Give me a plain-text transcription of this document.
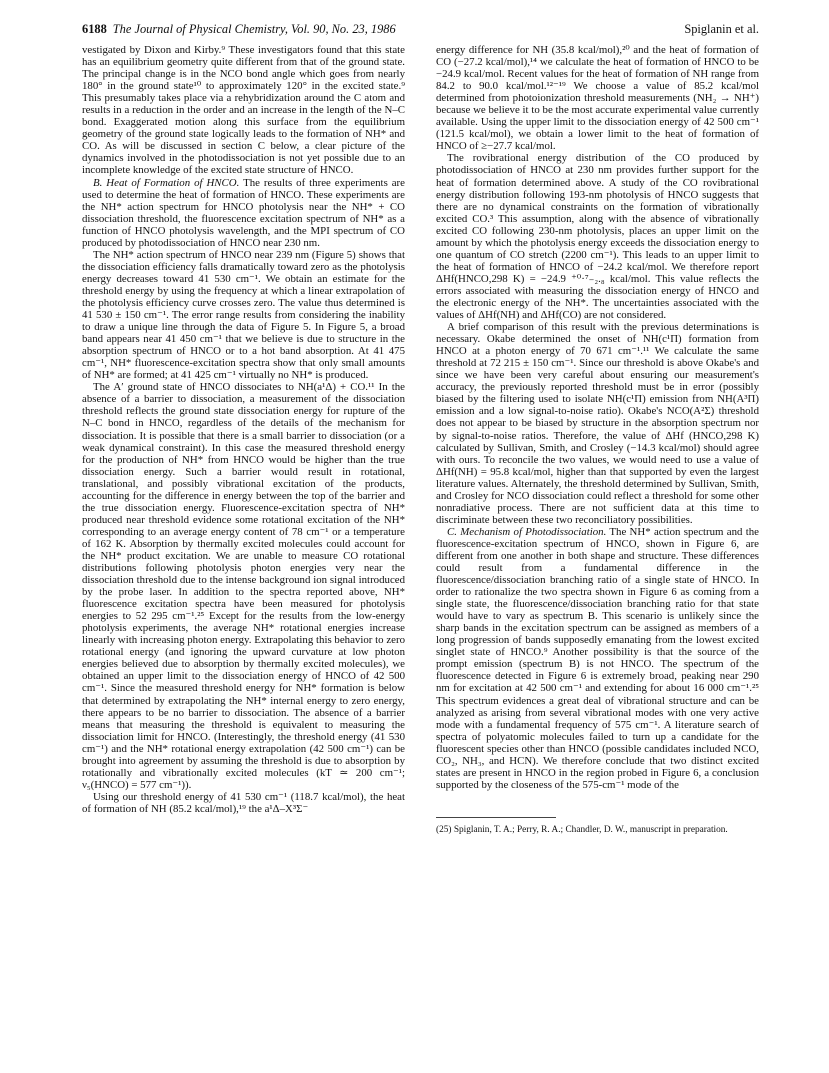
6188 The Journal of Physical Chemistry, Vol. 90, No. 23, 1986	Spiglanin et al.

vestigated by Dixon and Kirby.⁹ These investigators found that this state has an equilibrium geometry quite different from that of the ground state. The principal change is in the NCO bond angle which goes from nearly 180° in the ground state¹⁰ to approximately 120° in the excited state.⁹ This presumably takes place via a rehybridization around the C atom and results in a reduction in the order and an increase in the length of the N–C bond. Exaggerated motion along this surface from the equilibrium geometry of the ground state logically leads to the formation of NH* and CO. As will be discussed in section C below, a clear picture of the dynamics involved in the photodissociation is not yet possible due to an incomplete knowledge of the excited state structure of HNCO.

B. Heat of Formation of HNCO. The results of three experiments are used to determine the heat of formation of HNCO. These experiments are the NH* action spectrum for HNCO photolysis near the NH* + CO dissociation threshold, the fluorescence excitation spectrum of NH* as a function of HNCO photolysis wavelength, and the MPI spectrum of CO produced by photodissociation of HNCO near 230 nm.

The NH* action spectrum of HNCO near 239 nm (Figure 5) shows that the dissociation efficiency falls dramatically toward zero as the photolysis energy decreases toward 41 530 cm⁻¹. We obtain an estimate for the threshold energy by using the frequency at which a linear extrapolation of the photolysis efficiency curve crosses zero. The value thus determined is 41 530 ± 150 cm⁻¹. The error range results from considering the inability to draw a unique line through the data of Figure 5. In Figure 5, a broad band appears near 41 450 cm⁻¹ that we believe is due to structure in the absorption spectrum of HNCO or to a hot band absorption. At 41 475 cm⁻¹, NH* fluorescence-excitation spectra show that only small amounts of NH* are formed; at 41 425 cm⁻¹ virtually no NH* is produced.

The A′ ground state of HNCO dissociates to NH(a¹Δ) + CO.¹¹ In the absence of a barrier to dissociation, a measurement of the dissociation threshold reflects the ground state dissociation energy for rupture of the N–C bond in HNCO, regardless of the details of the mechanism for dissociation. It is possible that there is a small barrier to dissociation (or a weak dynamical constraint). In this case the measured threshold energy for the production of NH* from HNCO would be higher than the true dissociation energy. Such a barrier would result in rotational, translational, and possibly vibrational excitation of the products, accounting for the difference in energy between the top of the barrier and the true dissociation energy. Fluorescence-excitation spectra of NH* produced near threshold evidence some rotational excitation of the NH* corresponding to an average energy content of 78 cm⁻¹ or a temperature of 162 K. Absorption by thermally excited molecules could account for the NH* product excitation. We are unable to measure CO rotational distributions following photolysis photon energies very near the dissociation threshold due to the intense background ion signal introduced by the probe laser. In addition to the spectra reported above, NH* fluorescence excitation spectra have been measured for photolysis energies to 52 295 cm⁻¹.²⁵ Except for the results from the low-energy photolysis experiments, the average NH* rotational energies increase linearly with increasing photon energy. Extrapolating this behavior to zero rotational energy (and ignoring the upward curvature at low photon energies believed due to absorption by thermally excited molecules), we obtained an upper limit to the dissociation energy of HNCO of 42 500 cm⁻¹. Since the measured threshold energy for NH* formation is below that determined by extrapolating the NH* internal energy to zero energy, there appears to be no barrier to dissociation. The absence of a barrier means that measuring the threshold is equivalent to measuring the dissociation limit for HNCO. (Interestingly, the threshold energy (41 530 cm⁻¹) and the NH* rotational energy extrapolation (42 500 cm⁻¹) can be brought into agreement by assuming the threshold is due to absorption by rotationally and vibrationally excited molecules (kT ≃ 200 cm⁻¹; ν₅(HNCO) = 577 cm⁻¹)).

Using our threshold energy of 41 530 cm⁻¹ (118.7 kcal/mol), the heat of formation of NH (85.2 kcal/mol),¹⁹ the a¹Δ–X³Σ⁻

energy difference for NH (35.8 kcal/mol),²⁰ and the heat of formation of CO (−27.2 kcal/mol),¹⁴ we calculate the heat of formation of HNCO to be −24.9 kcal/mol. Recent values for the heat of formation of NH range from 84.2 to 90.0 kcal/mol.¹²⁻¹⁹ We choose a value of 85.2 kcal/mol determined from photoionization threshold measurements (NH₂ → NH⁺) because we believe it to be the most accurate experimental value currently available. Using the upper limit to the dissociation energy of 42 500 cm⁻¹ (121.5 kcal/mol), we obtain a lower limit to the heat of formation of HNCO of ≥−27.7 kcal/mol.

The rovibrational energy distribution of the CO produced by photodissociation of HNCO at 230 nm provides further support for the heat of formation determined above. A study of the CO rovibrational energy distribution following 193-nm photolysis of HNCO suggests that there are no dynamical constraints on the formation of vibrationally excited CO.³ This assumption, along with the absence of vibrationally excited CO following 230-nm photolysis, places an upper limit on the amount by which the photolysis energy exceeds the dissociation energy to one quantum of CO stretch (2200 cm⁻¹). This leads to an upper limit to the heat of formation of HNCO of −24.2 kcal/mol. We therefore report ΔHf(HNCO,298 K) = −24.9 ⁺⁰·⁷₋₂.₈ kcal/mol. This value reflects the errors associated with measuring the dissociation energy of HNCO and the electronic energy of the NH*. The uncertainties associated with the values of ΔHf(NH) and ΔHf(CO) are not considered.

A brief comparison of this result with the previous determinations is necessary. Okabe determined the onset of NH(c¹Π) formation from HNCO at a photon energy of 70 671 cm⁻¹.¹¹ We calculate the same threshold at 72 215 ± 150 cm⁻¹. Since our threshold is above Okabe's and since we have been very careful about ensuring our measurement's accuracy, the previously reported threshold must be in error (possibly biased by the filtering used to isolate NH(c¹Π) emission from NH(A³Π) emission and a low signal-to-noise ratio). Okabe's NCO(A²Σ) threshold does not appear to be biased by structure in the absorption spectrum nor by signal-to-noise ratios. Therefore, the value of ΔHf (HNCO,298 K) calculated by Sullivan, Smith, and Crosley (−14.3 kcal/mol) should agree with ours. To reconcile the two values, we would need to use a value of ΔHf(NH) = 95.8 kcal/mol, higher than that supported by even the largest literature values. Alternately, the threshold determined by Sullivan, Smith, and Crosley for NCO dissociation could reflect a threshold for some other nonradiative process. There are not sufficient data at this time to discriminate between these two reconciliatory possibilities.

C. Mechanism of Photodissociation. The NH* action spectrum and the fluorescence-excitation spectrum of HNCO, shown in Figure 6, are different from one another in both shape and structure. These differences could result from a fundamental difference in the fluorescence/dissociation branching ratio of a single state of HNCO. In order to rationalize the two spectra shown in Figure 6 as coming from a single state, the fluorescence/dissociation branching ratio for that state would have to vary as spectrum B. This scenario is unlikely since the sharp bands in the excitation spectrum can be assigned as members of a long progression of bands supposedly emanating from the lowest excited singlet state of HNCO.⁹ Another possibility is that the source of the prompt emission (spectrum B) is not HNCO. The spectrum of the fluorescence detected in Figure 6 is extremely broad, peaking near 290 nm for excitation at 42 500 cm⁻¹ and extending for about 16 000 cm⁻¹.²⁵ This spectrum evidences a great deal of vibrational structure and can be analyzed as arising from several vibrational modes with one very active mode with a fundamental frequency of 575 cm⁻¹. A literature search of spectra of polyatomic molecules failed to turn up a candidate for the fluorescent species other than HNCO (possible candidates included NCO, CO₂, NH₃, and HCN). We therefore conclude that two distinct excited states are present in HNCO in the region probed in Figure 6, a conclusion supported by the closeness of the 575-cm⁻¹ mode of the

(25) Spiglanin, T. A.; Perry, R. A.; Chandler, D. W., manuscript in preparation.
